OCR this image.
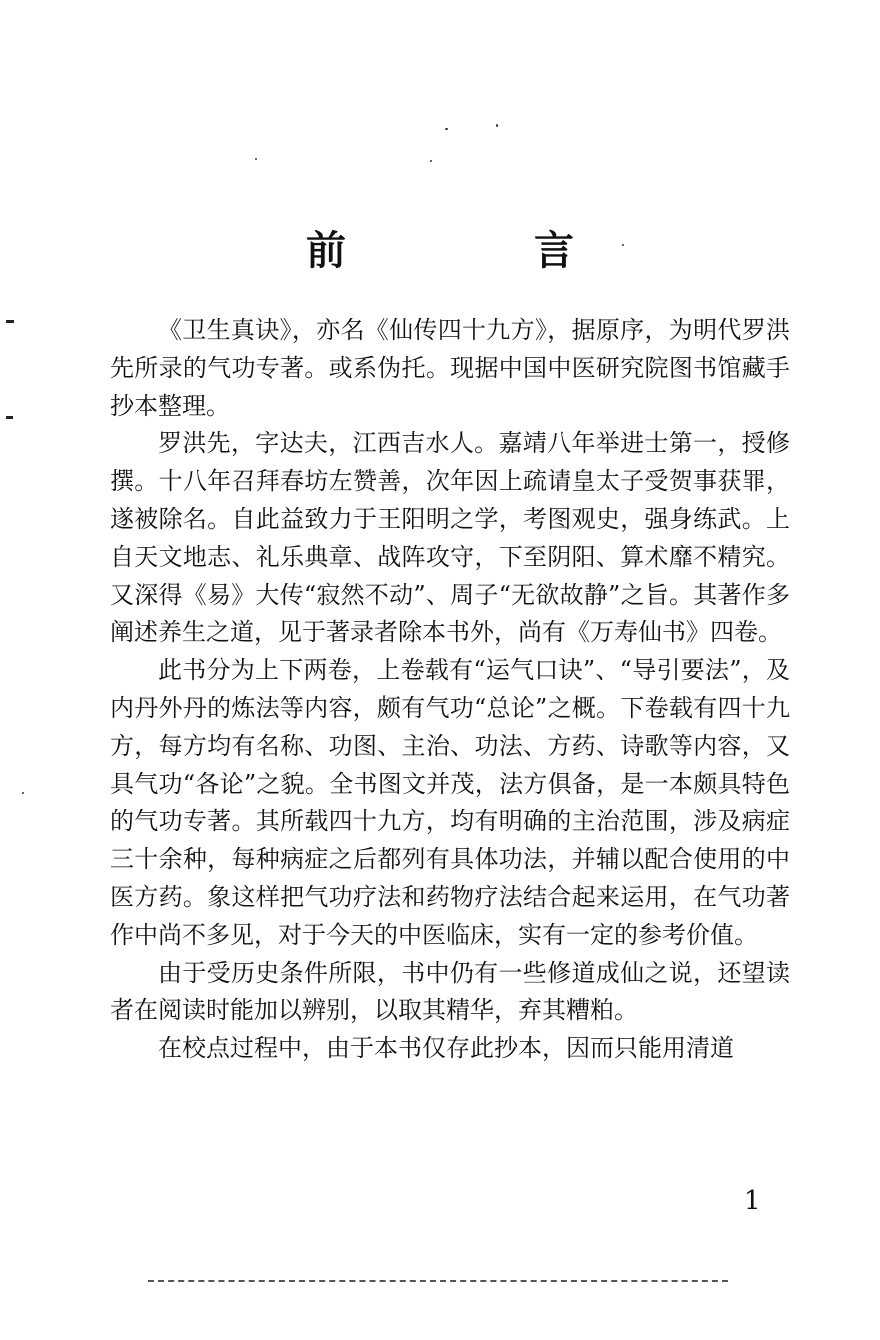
前　言

《卫生真诀》，亦名《仙传四十九方》，据原序，为明代罗洪先所录的气功专著。或系伪托。现据中国中医研究院图书馆藏手抄本整理。

罗洪先，字达夫，江西吉水人。嘉靖八年举进士第一，授修撰。十八年召拜春坊左赞善，次年因上疏请皇太子受贺事获罪，遂被除名。自此益致力于王阳明之学，考图观史，强身练武。上自天文地志、礼乐典章、战阵攻守，下至阴阳、算术靡不精究。又深得《易》大传“寂然不动”、周子“无欲故静”之旨。其著作多阐述养生之道，见于著录者除本书外，尚有《万寿仙书》四卷。

此书分为上下两卷，上卷载有“运气口诀”、“导引要法”，及内丹外丹的炼法等内容，颇有气功“总论”之概。下卷载有四十九方，每方均有名称、功图、主治、功法、方药、诗歌等内容，又具气功“各论”之貌。全书图文并茂，法方俱备，是一本颇具特色的气功专著。其所载四十九方，均有明确的主治范围，涉及病症三十余种，每种病症之后都列有具体功法，并辅以配合使用的中医方药。象这样把气功疗法和药物疗法结合起来运用，在气功著作中尚不多见，对于今天的中医临床，实有一定的参考价值。

由于受历史条件所限，书中仍有一些修道成仙之说，还望读者在阅读时能加以辨别，以取其精华，弃其糟粕。

在校点过程中，由于本书仅存此抄本，因而只能用清道

1
